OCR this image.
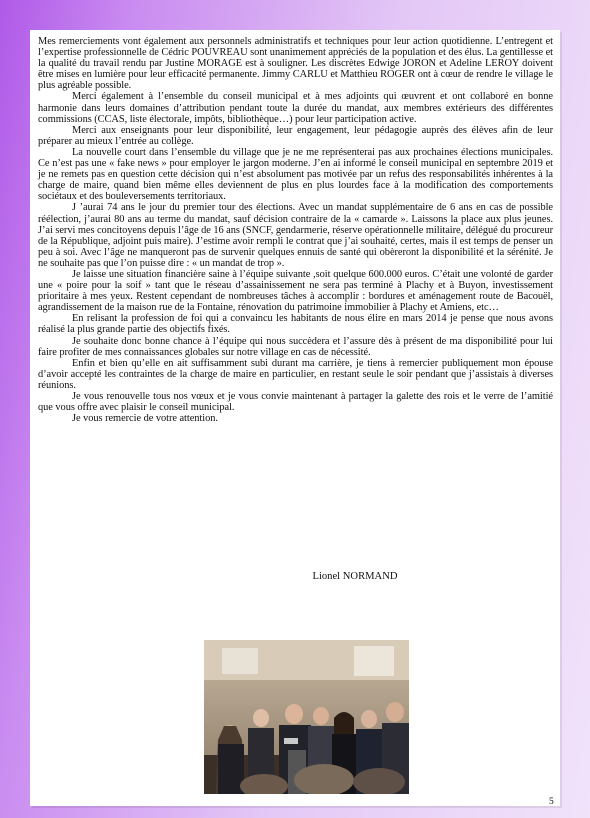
Mes remerciements vont également aux personnels administratifs et techniques pour leur action quotidienne. L’entregent et l’expertise professionnelle de Cédric POUVREAU sont unanimement appréciés de la population et des élus. La gentillesse et la qualité du travail rendu par Justine MORAGE est à souligner. Les discrètes Edwige JORON et Adeline LEROY doivent être mises en lumière pour leur efficacité permanente. Jimmy CARLU et Matthieu ROGER ont à cœur de rendre le village le plus agréable possible.

Merci également à l’ensemble du conseil municipal et à mes adjoints qui œuvrent et ont collaboré en bonne harmonie dans leurs domaines d’attribution pendant toute la durée du mandat, aux membres extérieurs des différentes commissions (CCAS, liste électorale, impôts, bibliothèque…) pour leur participation active.

Merci aux enseignants pour leur disponibilité, leur engagement, leur pédagogie auprès des élèves afin de leur préparer au mieux l’entrée au collège.

La nouvelle court dans l’ensemble du village que je ne me représenterai pas aux prochaines élections municipales. Ce n’est pas une « fake news » pour employer le jargon moderne. J’en ai informé le conseil municipal en septembre 2019 et je ne remets pas en question cette décision qui n’est absolument pas motivée par un refus des responsabilités inhérentes à la charge de maire, quand bien même elles deviennent de plus en plus lourdes face à la modification des comportements sociétaux et des bouleversements territoriaux.

J ’aurai 74 ans le jour du premier tour des élections. Avec un mandat supplémentaire de 6 ans en cas de possible réélection, j’aurai 80 ans au terme du mandat, sauf décision contraire de la « camarde ». Laissons la place aux plus jeunes. J’ai servi mes concitoyens depuis l’âge de 16 ans (SNCF, gendarmerie, réserve opérationnelle militaire, délégué du procureur de la République, adjoint puis maire). J’estime avoir rempli le contrat que j’ai souhaité, certes, mais il est temps de penser un peu à soi. Avec l’âge ne manqueront pas de survenir quelques ennuis de santé qui obèreront la disponibilité et la sérénité. Je ne souhaite pas que l’on puisse dire : « un mandat de trop ».

Je laisse une situation financière saine à l’équipe suivante ,soit quelque 600.000 euros. C’était une volonté de garder une « poire pour la soif » tant que le réseau d’assainissement ne sera pas terminé à Plachy et à Buyon, investissement prioritaire à mes yeux. Restent cependant de nombreuses tâches à accomplir : bordures et aménagement route de Bacouël, agrandissement de la maison rue de la Fontaine, rénovation du patrimoine immobilier à Plachy et Amiens, etc…

En relisant la profession de foi qui a convaincu les habitants de nous élire en mars 2014 je pense que nous avons réalisé la plus grande partie des objectifs fixés.

Je souhaite donc bonne chance à l’équipe qui nous succèdera et l’assure dès à présent de ma disponibilité pour lui faire profiter de mes connaissances globales sur notre village en cas de nécessité.

Enfin et bien qu’elle en ait suffisamment subi durant ma carrière, je tiens à remercier publiquement mon épouse d’avoir accepté les contraintes de la charge de maire en particulier, en restant seule le soir pendant que j’assistais à diverses réunions.

Je vous renouvelle tous nos vœux et je vous convie maintenant à partager la galette des rois et le verre de l’amitié que vous offre avec plaisir le conseil municipal.

Je vous remercie de votre attention.

Lionel NORMAND
5
